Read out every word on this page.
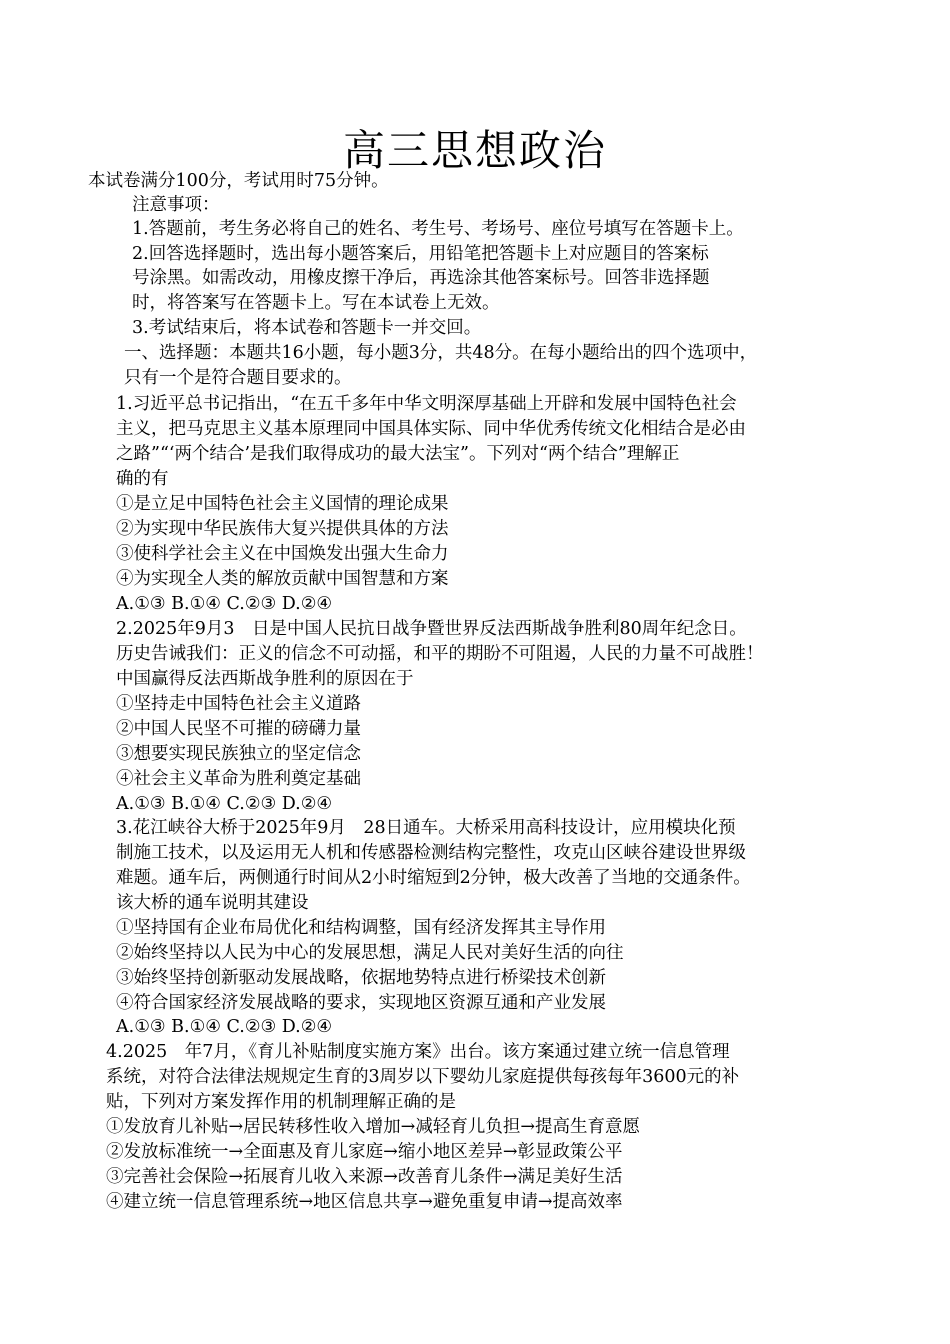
高三思想政治
本试卷满分100分，考试用时75分钟。
注意事项：
1.答题前，考生务必将自己的姓名、考生号、考场号、座位号填写在答题卡上。
2.回答选择题时，选出每小题答案后，用铅笔把答题卡上对应题目的答案标
号涂黑。如需改动，用橡皮擦干净后，再选涂其他答案标号。回答非选择题
时，将答案写在答题卡上。写在本试卷上无效。
3.考试结束后，将本试卷和答题卡一并交回。
一、选择题：本题共16小题，每小题3分，共48分。在每小题给出的四个选项中，
只有一个是符合题目要求的。
1.习近平总书记指出，“在五千多年中华文明深厚基础上开辟和发展中国特色社会
主义，把马克思主义基本原理同中国具体实际、同中华优秀传统文化相结合是必由
之路”“‘两个结合’是我们取得成功的最大法宝”。下列对“两个结合”理解正
确的有
①是立足中国特色社会主义国情的理论成果
②为实现中华民族伟大复兴提供具体的方法
③使科学社会主义在中国焕发出强大生命力
④为实现全人类的解放贡献中国智慧和方案
A.①③ B.①④ C.②③ D.②④
2.2025年9月3　日是中国人民抗日战争暨世界反法西斯战争胜利80周年纪念日。
历史告诫我们：正义的信念不可动摇，和平的期盼不可阻遏，人民的力量不可战胜！
中国赢得反法西斯战争胜利的原因在于
①坚持走中国特色社会主义道路
②中国人民坚不可摧的磅礴力量
③想要实现民族独立的坚定信念
④社会主义革命为胜利奠定基础
A.①③ B.①④ C.②③ D.②④
3.花江峡谷大桥于2025年9月　28日通车。大桥采用高科技设计，应用模块化预
制施工技术，以及运用无人机和传感器检测结构完整性，攻克山区峡谷建设世界级
难题。通车后，两侧通行时间从2小时缩短到2分钟，极大改善了当地的交通条件。
该大桥的通车说明其建设
①坚持国有企业布局优化和结构调整，国有经济发挥其主导作用
②始终坚持以人民为中心的发展思想，满足人民对美好生活的向往
③始终坚持创新驱动发展战略，依据地势特点进行桥梁技术创新
④符合国家经济发展战略的要求，实现地区资源互通和产业发展
A.①③ B.①④ C.②③ D.②④
4.2025　年7月，《育儿补贴制度实施方案》出台。该方案通过建立统一信息管理
系统，对符合法律法规规定生育的3周岁以下婴幼儿家庭提供每孩每年3600元的补
贴，下列对方案发挥作用的机制理解正确的是
①发放育儿补贴→居民转移性收入增加→减轻育儿负担→提高生育意愿
②发放标准统一→全面惠及育儿家庭→缩小地区差异→彰显政策公平
③完善社会保险→拓展育儿收入来源→改善育儿条件→满足美好生活
④建立统一信息管理系统→地区信息共享→避免重复申请→提高效率
